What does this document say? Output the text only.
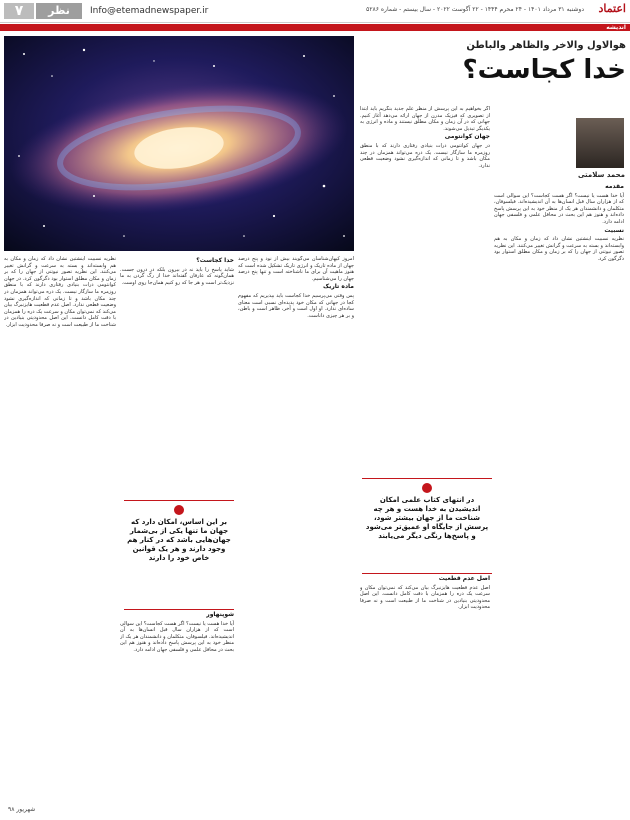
۷	نظر	Info@etemadnewspaper.ir	دوشنبه ۳۱ مرداد ۱۴۰۱ - ۲۴ محرم ۱۴۴۴ - ۲۲ آگوست ۲۰۲۲ - سال بیستم - شماره ۵۲۸۶ اعتماد
اندیشه
هوالاول والاخر والظاهر والباطن
خدا کجاست؟
محمد سلامتی
مقدمه
آیا خدا هست یا نیست؟ اگر هست کجاست؟ این سوالی است که از هزاران سال قبل انسان‌ها به آن اندیشیده‌اند. فیلسوفان، متکلمان و دانشمندان هر یک از منظر خود به این پرسش پاسخ داده‌اند و هنوز هم این بحث در محافل علمی و فلسفی جهان ادامه دارد.
نسبیت
نظریه نسبیت اینشتین نشان داد که زمان و مکان به هم وابسته‌اند و بسته به سرعت و گرانش تغییر می‌کنند. این نظریه تصور نیوتنی از جهان را که بر زمان و مکان مطلق استوار بود دگرگون کرد.
اگر بخواهیم به این پرسش از منظر علم جدید بنگریم باید ابتدا از تصویری که فیزیک مدرن از جهان ارائه می‌دهد آغاز کنیم. جهانی که در آن زمان و مکان مطلق نیستند و ماده و انرژی به یکدیگر تبدیل می‌شوند.
جهان کوانتومی
در جهان کوانتومی ذرات بنیادی رفتاری دارند که با منطق روزمره ما سازگار نیست. یک ذره می‌تواند همزمان در چند مکان باشد و تا زمانی که اندازه‌گیری نشود وضعیت قطعی ندارد.
در انتهای کتاب علمی امکان اندیشیدن به خدا هست و هر چه شناخت ما از جهان بیشتر شود، پرسش از جایگاه او عمیق‌تر می‌شود و پاسخ‌ها رنگی دیگر می‌یابند
اصل عدم قطعیت
اصل عدم قطعیت هایزنبرگ بیان می‌کند که نمی‌توان مکان و سرعت یک ذره را همزمان با دقت کامل دانست. این اصل محدودیتی بنیادین در شناخت ما از طبیعت است و نه صرفا محدودیت ابزار.
امروز کیهان‌شناسان می‌گویند بیش از نود و پنج درصد جهان از ماده تاریک و انرژی تاریک تشکیل شده است که هنوز ماهیت آن برای ما ناشناخته است و تنها پنج درصد جهان را می‌شناسیم.
ماده تاریک
پس وقتی می‌پرسیم خدا کجاست باید بپذیریم که مفهوم کجا در جهانی که مکان خود پدیده‌ای نسبی است معنای ساده‌ای ندارد. او اول است و آخر، ظاهر است و باطن، و بر هر چیزی داناست.
خدا کجاست؟
شاید پاسخ را باید نه در بیرون بلکه در درون جست. همان‌گونه که عارفان گفته‌اند خدا از رگ گردن به ما نزدیک‌تر است و هر جا که رو کنیم همان‌جا روی اوست.
بر این اساس، امکان دارد که جهان ما تنها یکی از بی‌شمار جهان‌هایی باشد که در کنار هم وجود دارند و هر یک قوانین خاص خود را دارند
شوپنهاور
آیا خدا هست یا نیست؟ اگر هست کجاست؟ این سوالی است که از هزاران سال قبل انسان‌ها به آن اندیشیده‌اند. فیلسوفان، متکلمان و دانشمندان هر یک از منظر خود به این پرسش پاسخ داده‌اند و هنوز هم این بحث در محافل علمی و فلسفی جهان ادامه دارد.
نظریه نسبیت اینشتین نشان داد که زمان و مکان به هم وابسته‌اند و بسته به سرعت و گرانش تغییر می‌کنند. این نظریه تصور نیوتنی از جهان را که بر زمان و مکان مطلق استوار بود دگرگون کرد. در جهان کوانتومی ذرات بنیادی رفتاری دارند که با منطق روزمره ما سازگار نیست. یک ذره می‌تواند همزمان در چند مکان باشد و تا زمانی که اندازه‌گیری نشود وضعیت قطعی ندارد. اصل عدم قطعیت هایزنبرگ بیان می‌کند که نمی‌توان مکان و سرعت یک ذره را همزمان با دقت کامل دانست. این اصل محدودیتی بنیادین در شناخت ما از طبیعت است و نه صرفا محدودیت ابزار.
شهریور ۹۸
